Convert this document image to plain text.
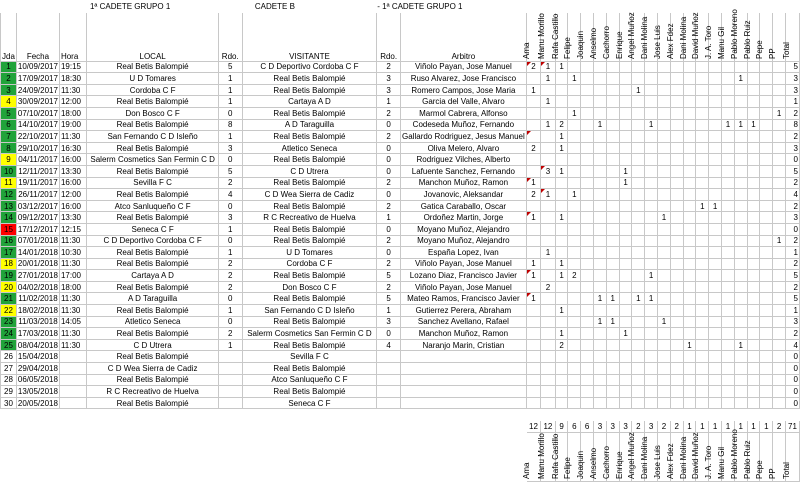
		1ª CADETE GRUPO 1		CADETE B		- 1ª CADETE GRUPO 1																						
Jda	Fecha	Hora	LOCAL	Rdo.	VISITANTE	Rdo.	Arbitro	Ama	Manu Morillo	Rafa Castillo	Felipe	Joaquin	Anselmo	Cachorro	Enrique	Angel Muñoz	Dani Molina	Jose Luis	Alex Fdez	Dani Molina	David Muñoz	J. A. Toro	Manu Gil	Pablo Moreno	Pablo Ruiz	Pepe	PP	Total

1	10/09/2017	19:15	Real Betis Balompié	5	C D Deportivo Cordoba C F	2	Viñolo Payan, Jose Manuel	2	1	1																		5
2	17/09/2017	18:30	U D Tomares	1	Real Betis Balompié	3	Ruso Alvarez, Jose Francisco		1		1													1				3
3	24/09/2017	11:30	Cordoba C F	1	Real Betis Balompié	3	Romero Campos, Jose Maria	1								1												3
4	30/09/2017	12:00	Real Betis Balompié	1	Cartaya A D	1	Garcia del Valle, Alvaro		1																			1
5	07/10/2017	18:00	Don Bosco C F	0	Real Betis Balompié	2	Marmol Cabrera, Alfonso				1																1	2
6	14/10/2017	19:00	Real Betis Balompié	8	A D Taraguilla	0	Codeseda Muñoz, Fernando		1	2			1				1						1	1	1			8
7	22/10/2017	11:30	San Fernando C D Isleño	1	Real Betis Balompié	2	Gallardo Rodriguez, Jesus Manuel			1																		2
8	29/10/2017	16:30	Real Betis Balompié	3	Atletico Seneca	0	Oliva Melero, Alvaro	2		1																		3
9	04/11/2017	16:00	Salerm Cosmetics San Fermin C D	0	Real Betis Balompié	0	Rodriguez Vilches, Alberto																					0
10	12/11/2017	13:30	Real Betis Balompié	5	C D Utrera	0	Lafuente Sanchez, Fernando		3	1					1													5
11	19/11/2017	16:00	Sevilla F C	2	Real Betis Balompié	2	Manchon Muñoz, Ramon	1							1													2
12	26/11/2017	12:00	Real Betis Balompié	4	C D Wea Sierra de Cadiz	0	Jovanovic, Aleksandar	2	1		1																	4
13	03/12/2017	16:00	Atco Sanluqueño C F	0	Real Betis Balompié	2	Gatica Caraballo, Oscar														1	1						2
14	09/12/2017	13:30	Real Betis Balompié	3	R C Recreativo de Huelva	1	Ordoñez Martin, Jorge	1		1								1										3
15	17/12/2017	12:15	Seneca C F	1	Real Betis Balompié	0	Moyano Muñoz, Alejandro																					0
16	07/01/2018	11:30	C D Deportivo Cordoba C F	0	Real Betis Balompié	2	Moyano Muñoz, Alejandro																				1	2
17	14/01/2018	10:30	Real Betis Balompié	1	U D Tomares	0	España Lopez, Ivan		1																			1
18	20/01/2018	11:30	Real Betis Balompié	2	Cordoba C F	2	Viñolo Payan, Jose Manuel	1		1																		2
19	27/01/2018	17:00	Cartaya A D	2	Real Betis Balompié	5	Lozano Diaz, Francisco Javier	1		1	2						1											5
20	04/02/2018	18:00	Real Betis Balompié	2	Don Bosco C F	2	Viñolo Payan, Jose Manuel		2																			2
21	11/02/2018	11:30	A D Taraguilla	0	Real Betis Balompié	5	Mateo Ramos, Francisco Javier	1					1	1		1	1											5
22	18/02/2018	11:30	Real Betis Balompié	1	San Fernando C D Isleño	1	Gutierrez Perera, Abraham			1																		1
23	11/03/2018	14:05	Atletico Seneca	0	Real Betis Balompié	3	Sanchez Avellano, Rafael						1	1				1										3
24	17/03/2018	11:30	Real Betis Balompié	2	Salerm Cosmetics San Fermin C D	0	Manchon Muñoz, Ramon			1					1													2
25	08/04/2018	11:30	C D Utrera	1	Real Betis Balompié	4	Naranjo Marin, Cristian			2										1				1				4
26	15/04/2018		Real Betis Balompié		Sevilla F C																							0
27	29/04/2018		C D Wea Sierra de Cadiz		Real Betis Balompié																							0
28	06/05/2018		Real Betis Balompié		Atco Sanluqueño C F																							0
29	13/05/2018		R C Recreativo de Huelva		Real Betis Balompié																							0
30	20/05/2018		Real Betis Balompié		Seneca C F																							0

								12	12	9	6	6	3	3	3	2	3	2	2	1	1	1	1	1	1	1	2	71

								Ama	Manu Morillo	Rafa Castillo	Felipe	Joaquin	Anselmo	Cachorro	Enrique	Angel Muñoz	Dani Molina	Jose Luis	Alex Fdez	Dani Molina	David Muñoz	J. A. Toro	Manu Gil	Pablo Moreno	Pablo Ruiz	Pepe	PP	Total
